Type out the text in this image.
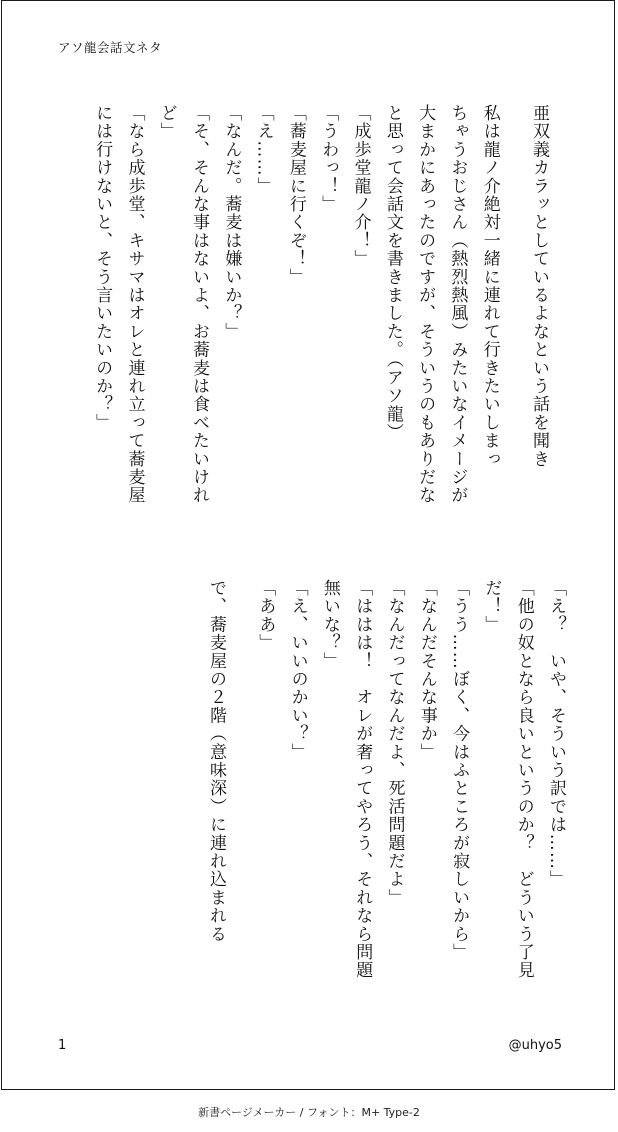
アソ龍会話文ネタ

亜双義カラッとしているよなという話を聞き

私は龍ノ介絶対一緒に連れて行きたいしまっ

ちゃうおじさん（熱烈熱風）みたいなイメージが

大まかにあったのですが、そういうのもありだな

と思って会話文を書きました。（アソ龍）

「成歩堂龍ノ介！」

「うわっ！」

「蕎麦屋に行くぞ！」

「え……」

「なんだ。蕎麦は嫌いか？」

「そ、そんな事はないよ、お蕎麦は食べたいけれ

ど」

「なら成歩堂、キサマはオレと連れ立って蕎麦屋

には行けないと、そう言いたいのか？」

「え？　いや、そういう訳では……」

「他の奴となら良いというのか？　どういう了見

だ！」

「うう……ぼく、今はふところが寂しいから」

「なんだそんな事か」

「なんだってなんだよ、死活問題だよ」

「ははは！　オレが奢ってやろう、それなら問題

無いな？」

「え、いいのかい？」

「ああ」

で、蕎麦屋の２階（意味深）に連れ込まれる

1	@uhyo5
新書ページメーカー / フォント：M+ Type-2
